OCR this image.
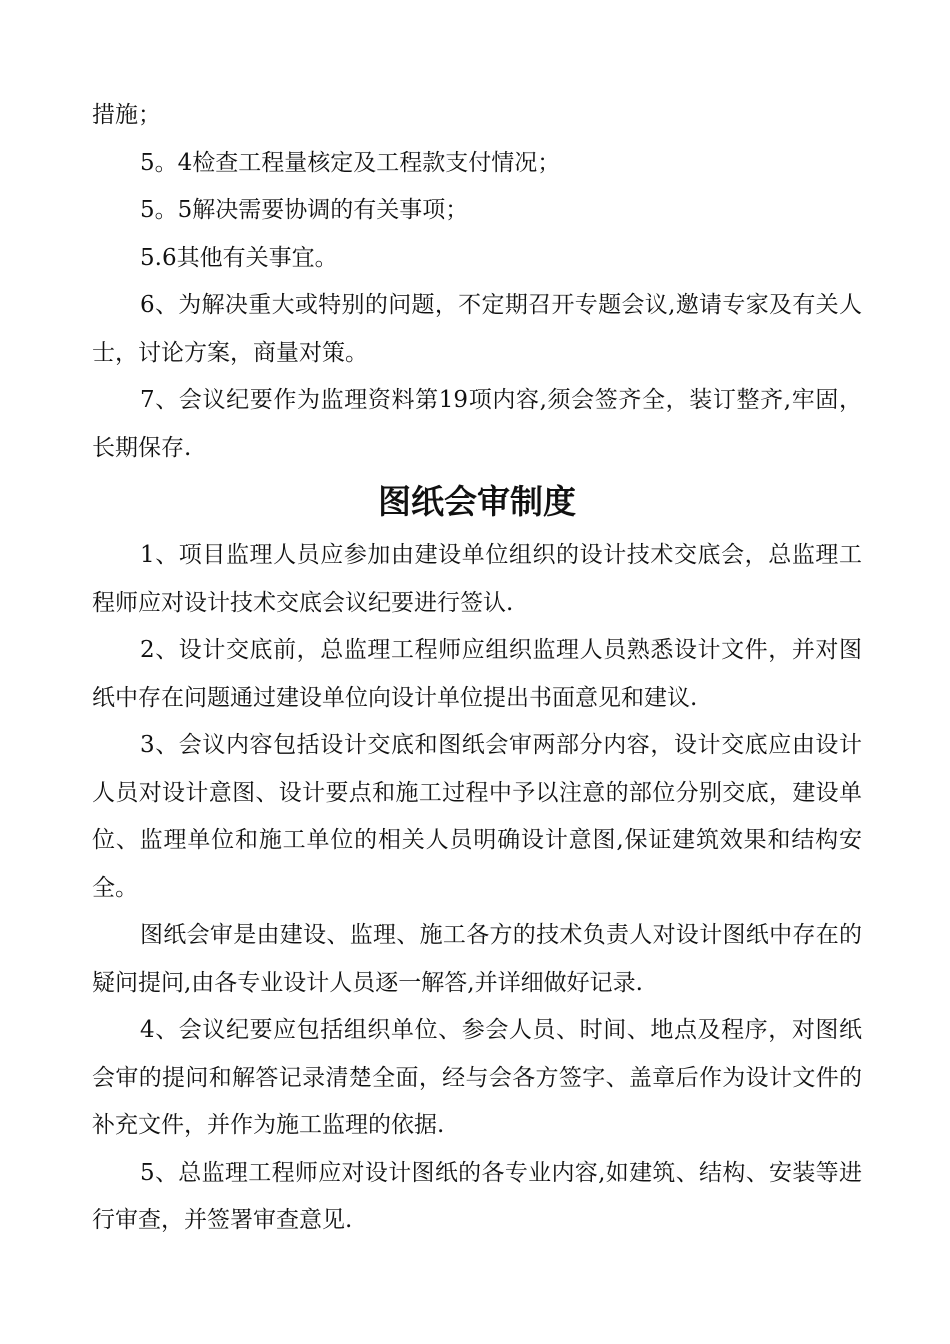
措施；

5。4检查工程量核定及工程款支付情况；

5。5解决需要协调的有关事项；

5.6其他有关事宜。

6、为解决重大或特别的问题，不定期召开专题会议,邀请专家及有关人士，讨论方案，商量对策。

7、会议纪要作为监理资料第19项内容,须会签齐全，装订整齐,牢固，长期保存.

图纸会审制度

1、项目监理人员应参加由建设单位组织的设计技术交底会，总监理工程师应对设计技术交底会议纪要进行签认.

2、设计交底前，总监理工程师应组织监理人员熟悉设计文件，并对图纸中存在问题通过建设单位向设计单位提出书面意见和建议.

3、会议内容包括设计交底和图纸会审两部分内容，设计交底应由设计人员对设计意图、设计要点和施工过程中予以注意的部位分别交底，建设单位、监理单位和施工单位的相关人员明确设计意图,保证建筑效果和结构安全。

图纸会审是由建设、监理、施工各方的技术负责人对设计图纸中存在的疑问提问,由各专业设计人员逐一解答,并详细做好记录.

4、会议纪要应包括组织单位、参会人员、时间、地点及程序，对图纸会审的提问和解答记录清楚全面，经与会各方签字、盖章后作为设计文件的补充文件，并作为施工监理的依据.

5、总监理工程师应对设计图纸的各专业内容,如建筑、结构、安装等进行审查，并签署审查意见.
